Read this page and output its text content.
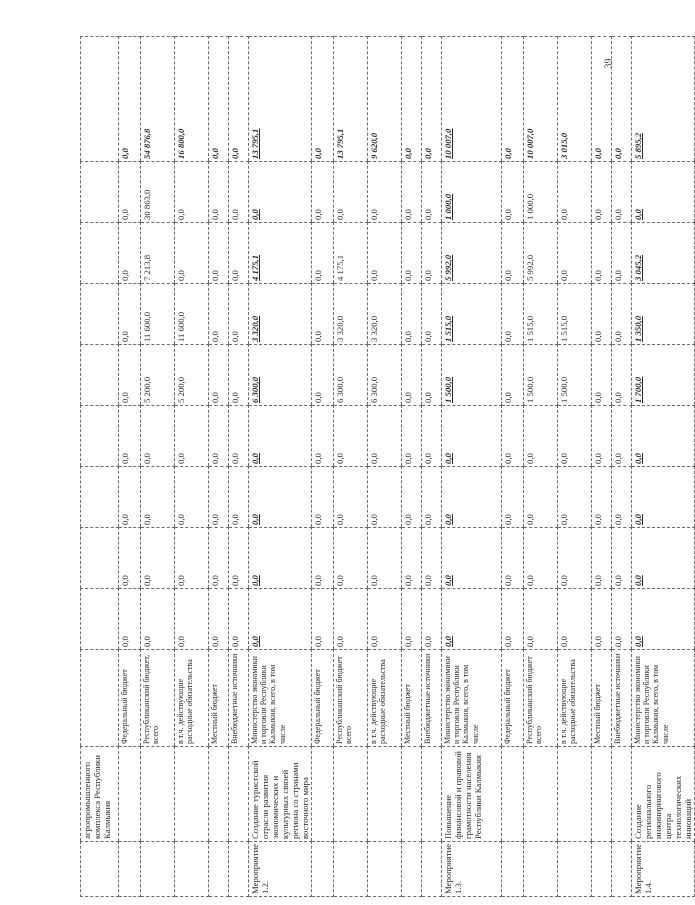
	агропромышленного комплекса Республики Калмыкия										
		Федеральный бюджет	0,0	0,0	0,0	0,0	0,0	0,0	0,0	0,0	0,0
		Республиканский бюджет, всего	0,0	0,0	0,0	0,0	5 200,0	11 600,0	7 213,8	30 863,0	54 876,8
		в т.ч. действующие расходные обязательства	0,0	0,0	0,0	0,0	5 200,0	11 600,0	0,0	0,0	16 800,0
		Местный бюджет	0,0	0,0	0,0	0,0	0,0	0,0	0,0	0,0	0,0
		Внебюджетные источники	0,0	0,0	0,0	0,0	0,0	0,0	0,0	0,0	0,0
Мероприятие 1.2.	Создание туристской отрасли развития экономических и культурных связей региона со странами восточного мира	Министерство экономики и торговли Республики Калмыкия, всего, в том числе	0,0	0,0	0,0	0,0	6 300,0	3 320,0	4 175,1	0,0	13 795,1
		Федеральный бюджет	0,0	0,0	0,0	0,0	0,0	0,0	0,0	0,0	0,0
		Республиканский бюджет всего	0,0	0,0	0,0	0,0	6 300,0	3 320,0	4 175,1	0,0	13 795,1
		в т.ч. действующие расходные обязательства	0,0	0,0	0,0	0,0	6 300,0	3 320,0	0,0	0,0	9 620,0
		Местный бюджет	0,0	0,0	0,0	0,0	0,0	0,0	0,0	0,0	0,0
		Внебюджетные источники	0,0	0,0	0,0	0,0	0,0	0,0	0,0	0,0	0,0
Мероприятие 1.3.	Повышение финансовой и правовой грамотности населения Республики Калмыкия	Министерство экономики и торговли Республики Калмыкия, всего, в том числе	0,0	0,0	0,0	0,0	1 500,0	1 515,0	5 992,0	1 000,0	10 007,0
		Федеральный бюджет	0,0	0,0	0,0	0,0	0,0	0,0	0,0	0,0	0,0
		Республиканский бюджет всего	0,0	0,0	0,0	0,0	1 500,0	1 515,0	5 992,0	1 000,0	10 007,0
		в т.ч. действующие расходные обязательства	0,0	0,0	0,0	0,0	1 500,0	1 515,0	0,0	0,0	3 015,0
		Местный бюджет	0,0	0,0	0,0	0,0	0,0	0,0	0,0	0,0	0,0
		Внебюджетные источники	0,0	0,0	0,0	0,0	0,0	0,0	0,0	0,0	0,0
Мероприятие 1.4.	Создание регионального инжинирингового центра технологических инноваций	Министерство экономики и торговли Республики Калмыкия, всего, в том числе	0,0	0,0	0,0	0,0	1 700,0	1 350,0	3 045,2	0,0	5 895,2
39
